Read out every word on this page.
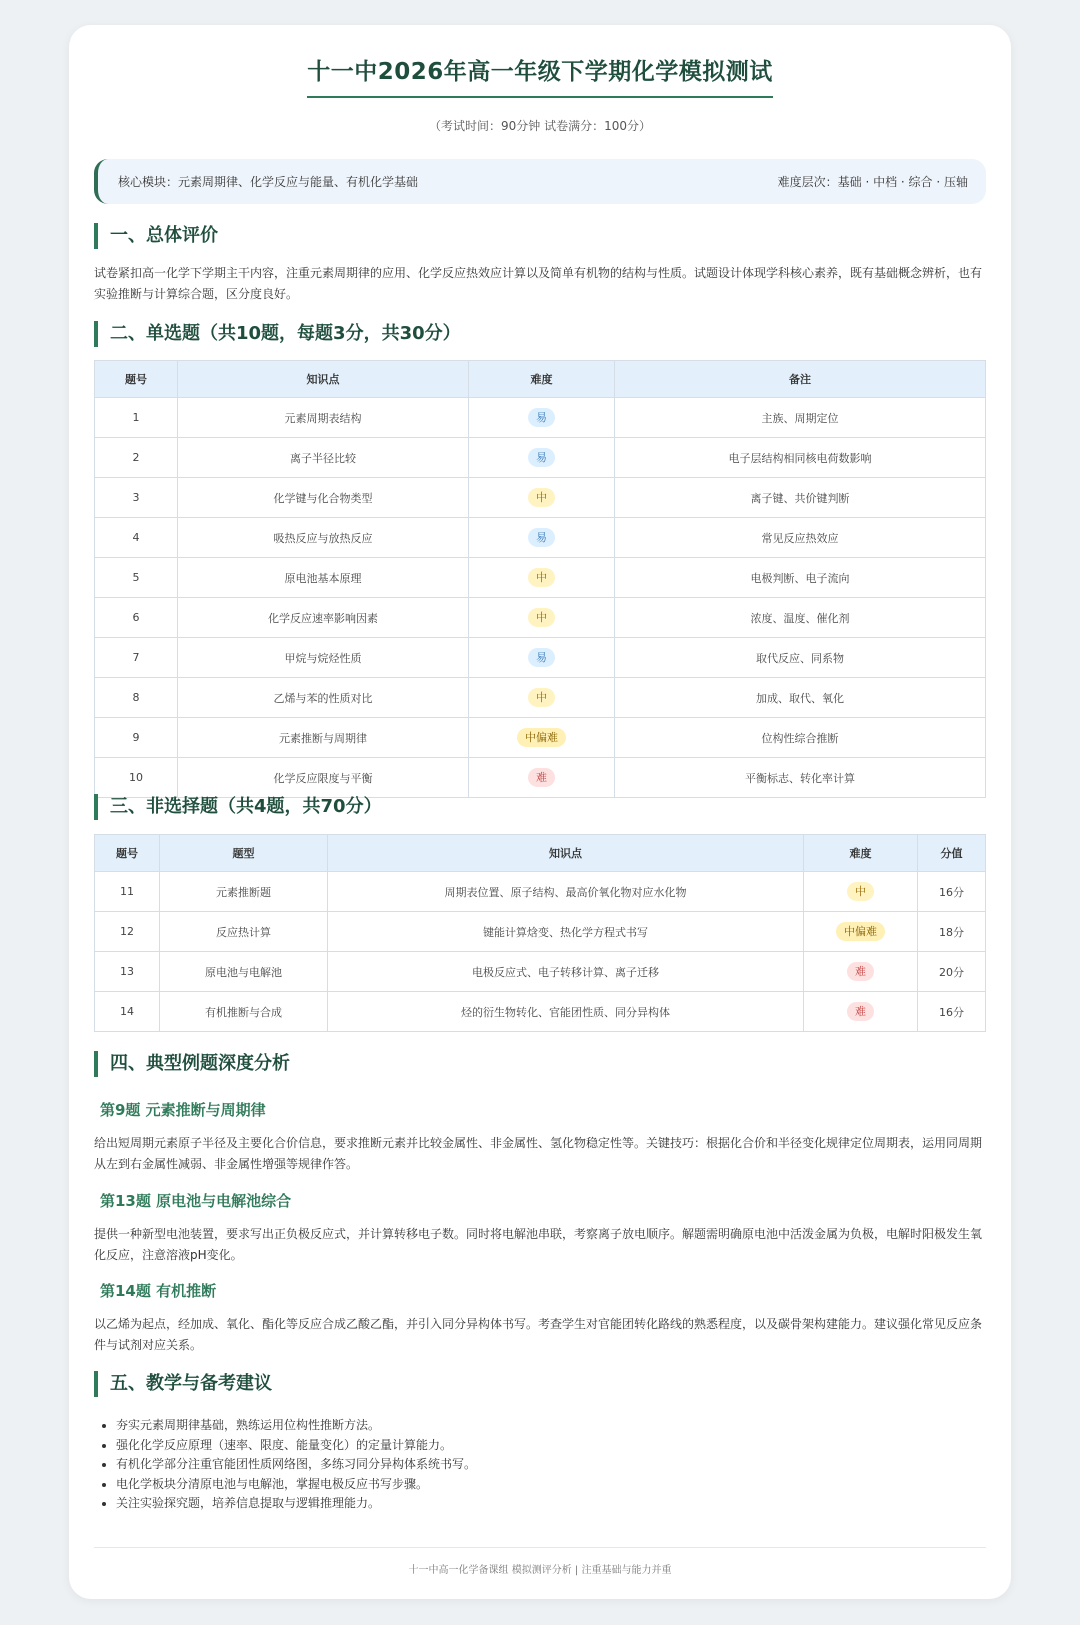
十一中2026年高一年级下学期化学模拟测试
（考试时间：90分钟 试卷满分：100分）
核心模块：元素周期律、化学反应与能量、有机化学基础	难度层次：基础 · 中档 · 综合 · 压轴
一、总体评价

试卷紧扣高一化学下学期主干内容，注重元素周期律的应用、化学反应热效应计算以及简单有机物的结构与性质。试题设计体现学科核心素养，既有基础概念辨析，也有实验推断与计算综合题，区分度良好。

二、单选题（共10题，每题3分，共30分）
题号	知识点	难度	备注
1	元素周期表结构	易	主族、周期定位
2	离子半径比较	易	电子层结构相同核电荷数影响
3	化学键与化合物类型	中	离子键、共价键判断
4	吸热反应与放热反应	易	常见反应热效应
5	原电池基本原理	中	电极判断、电子流向
6	化学反应速率影响因素	中	浓度、温度、催化剂
7	甲烷与烷烃性质	易	取代反应、同系物
8	乙烯与苯的性质对比	中	加成、取代、氧化
9	元素推断与周期律	中偏难	位构性综合推断
10	化学反应限度与平衡	难	平衡标志、转化率计算
三、非选择题（共4题，共70分）
题号	题型	知识点	难度	分值
11	元素推断题	周期表位置、原子结构、最高价氧化物对应水化物	中	16分
12	反应热计算	键能计算焓变、热化学方程式书写	中偏难	18分
13	原电池与电解池	电极反应式、电子转移计算、离子迁移	难	20分
14	有机推断与合成	烃的衍生物转化、官能团性质、同分异构体	难	16分
四、典型例题深度分析
第9题 元素推断与周期律

给出短周期元素原子半径及主要化合价信息，要求推断元素并比较金属性、非金属性、氢化物稳定性等。关键技巧：根据化合价和半径变化规律定位周期表，运用同周期从左到右金属性减弱、非金属性增强等规律作答。

第13题 原电池与电解池综合

提供一种新型电池装置，要求写出正负极反应式，并计算转移电子数。同时将电解池串联，考察离子放电顺序。解题需明确原电池中活泼金属为负极，电解时阳极发生氧化反应，注意溶液pH变化。

第14题 有机推断

以乙烯为起点，经加成、氧化、酯化等反应合成乙酸乙酯，并引入同分异构体书写。考查学生对官能团转化路线的熟悉程度，以及碳骨架构建能力。建议强化常见反应条件与试剂对应关系。

五、教学与备考建议
• 夯实元素周期律基础，熟练运用位构性推断方法。
• 强化化学反应原理（速率、限度、能量变化）的定量计算能力。
• 有机化学部分注重官能团性质网络图，多练习同分异构体系统书写。
• 电化学板块分清原电池与电解池，掌握电极反应书写步骤。
• 关注实验探究题，培养信息提取与逻辑推理能力。
十一中高一化学备课组 模拟测评分析 | 注重基础与能力并重
